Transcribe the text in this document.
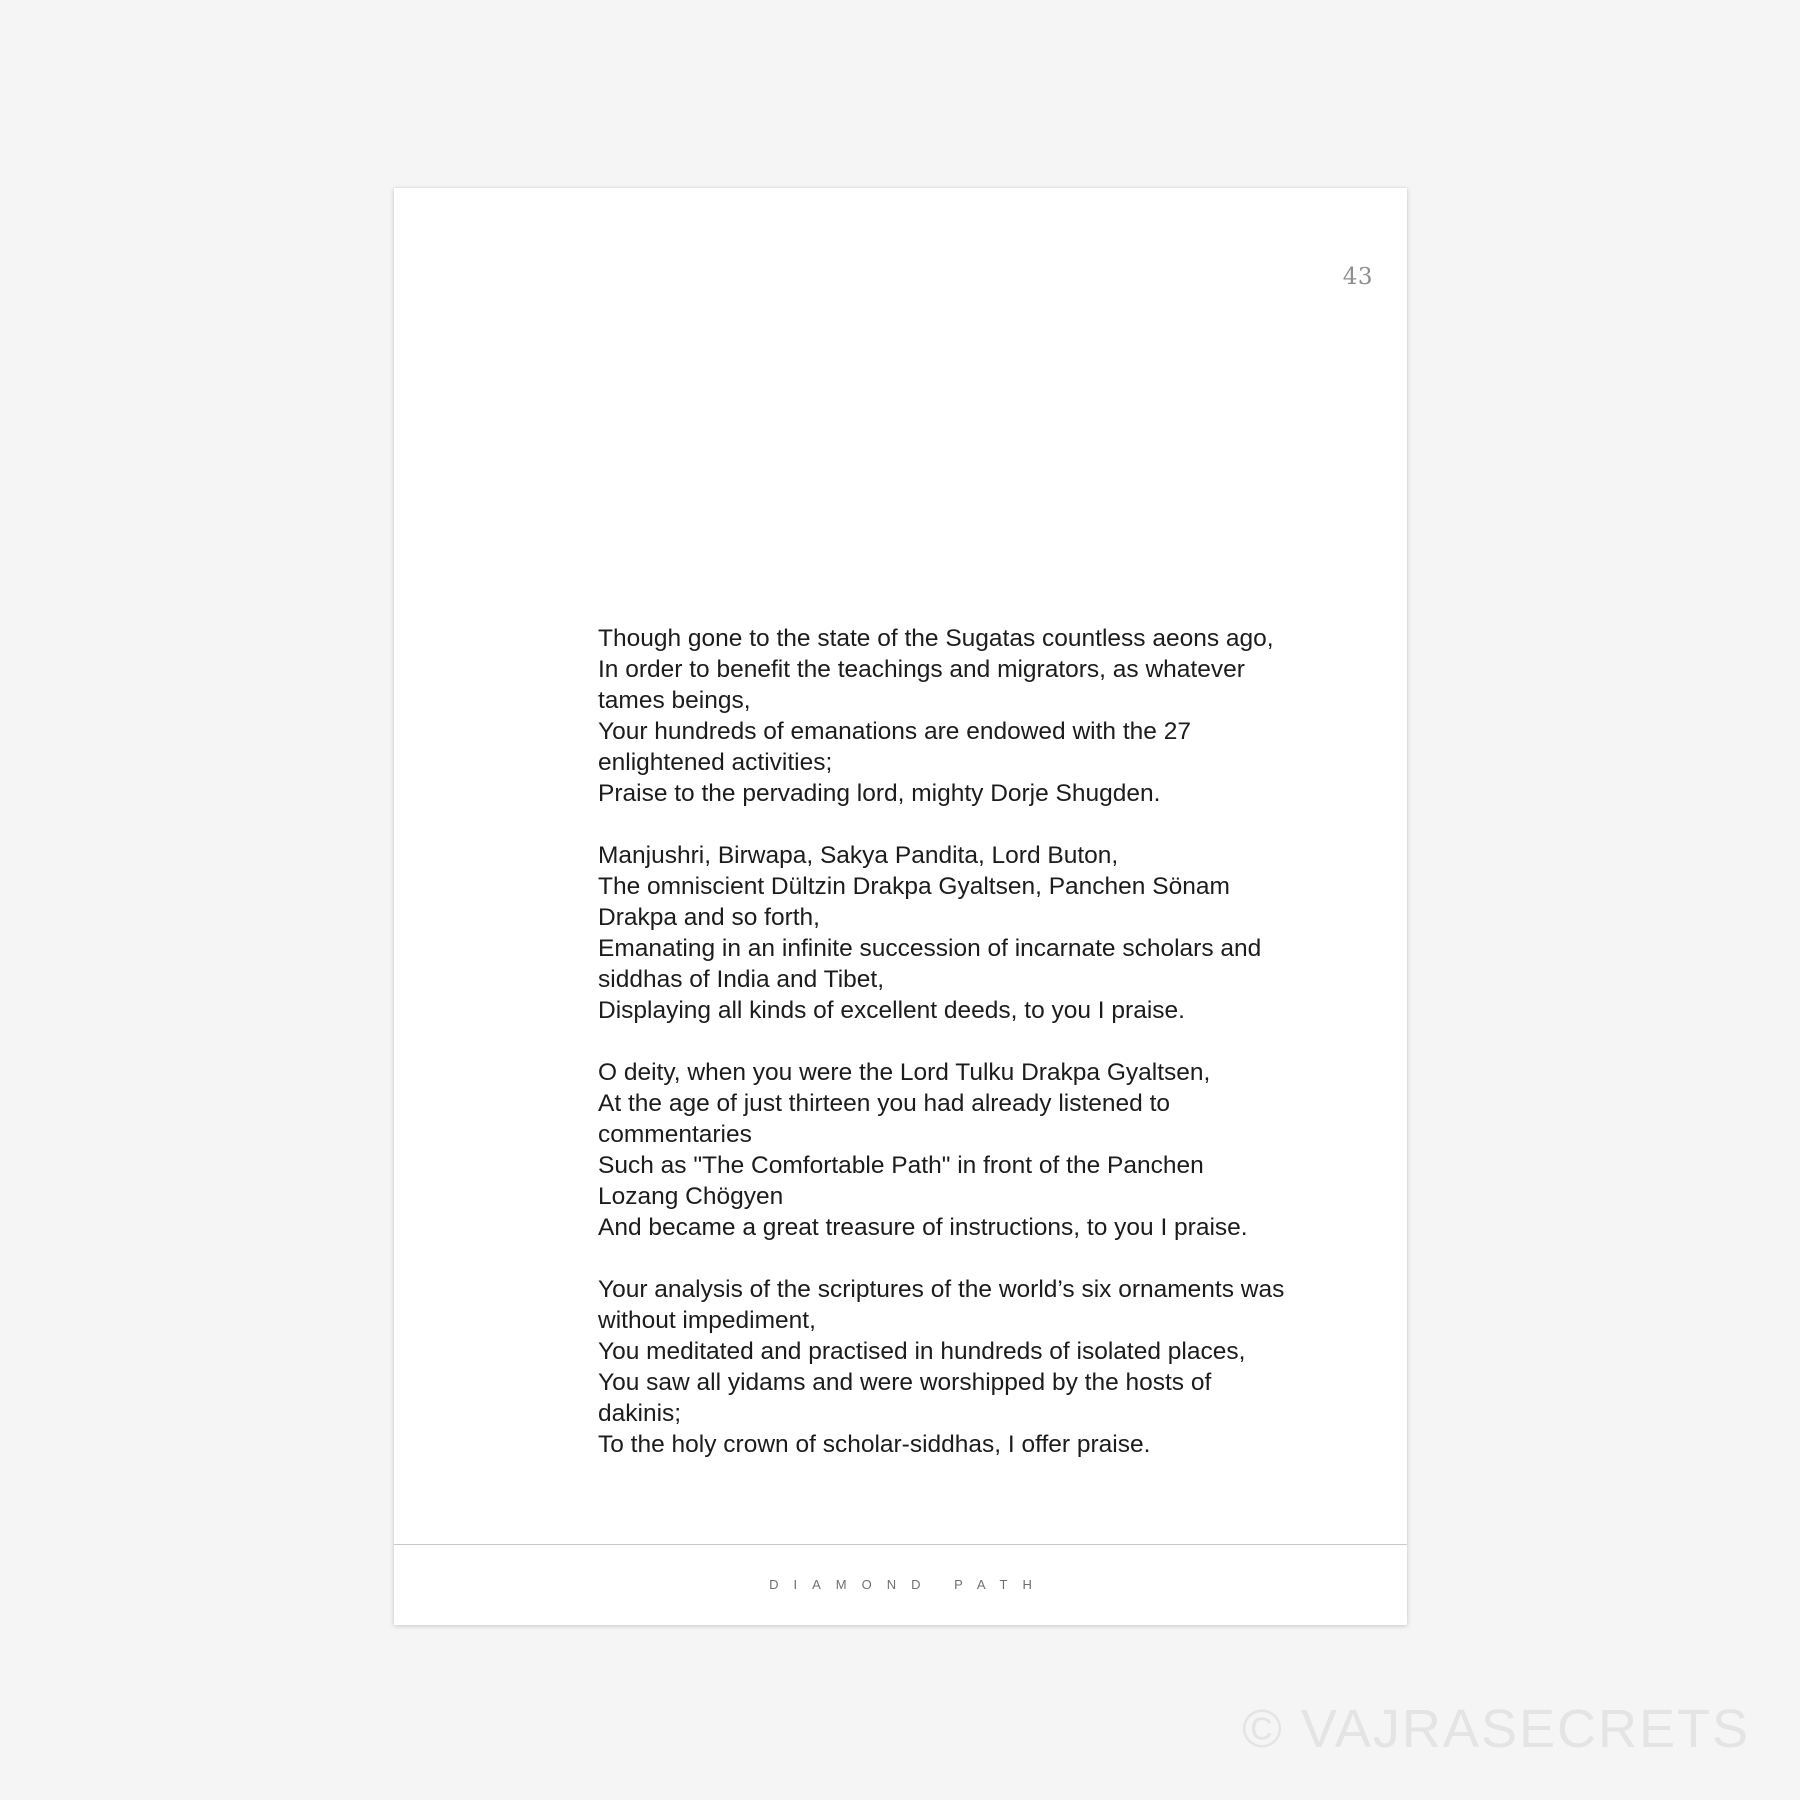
43
Though gone to the state of the Sugatas countless aeons ago,
In order to benefit the teachings and migrators, as whatever
tames beings,
Your hundreds of emanations are endowed with the 27
enlightened activities;
Praise to the pervading lord, mighty Dorje Shugden.
Manjushri, Birwapa, Sakya Pandita, Lord Buton,
The omniscient Dültzin Drakpa Gyaltsen, Panchen Sönam
Drakpa and so forth,
Emanating in an infinite succession of incarnate scholars and
siddhas of India and Tibet,
Displaying all kinds of excellent deeds, to you I praise.
O deity, when you were the Lord Tulku Drakpa Gyaltsen,
At the age of just thirteen you had already listened to
commentaries
Such as "The Comfortable Path" in front of the Panchen
Lozang Chögyen
And became a great treasure of instructions, to you I praise.
Your analysis of the scriptures of the world’s six ornaments was
without impediment,
You meditated and practised in hundreds of isolated places,
You saw all yidams and were worshipped by the hosts of
dakinis;
To the holy crown of scholar-siddhas, I offer praise.
DIAMOND PATH
© VAJRASECRETS
